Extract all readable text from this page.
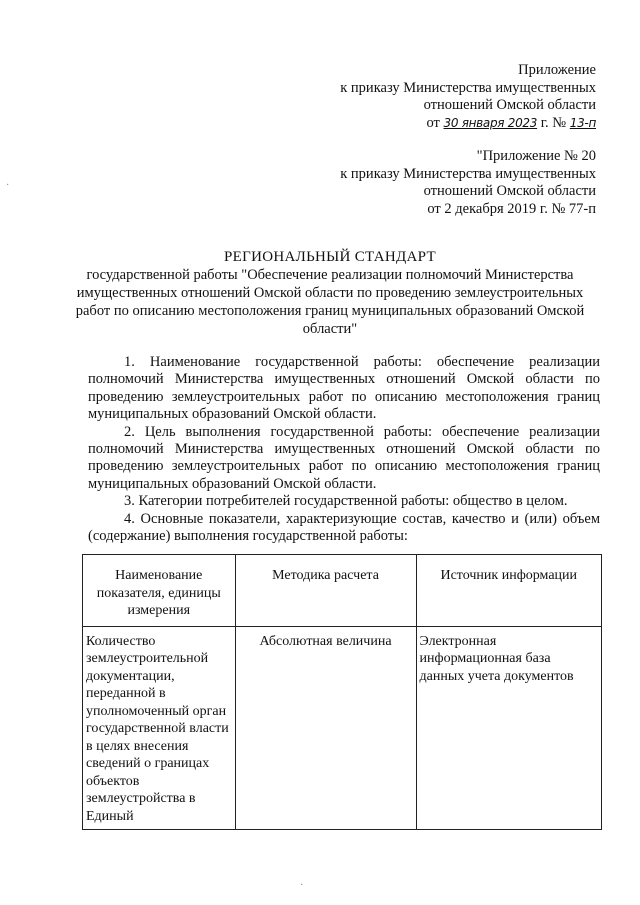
Приложение
к приказу Министерства имущественных
отношений Омской области
от 30 января 2023 г. № 13-п
"Приложение № 20
к приказу Министерства имущественных
отношений Омской области
от 2 декабря 2019 г. № 77-п
РЕГИОНАЛЬНЫЙ СТАНДАРТ
государственной работы "Обеспечение реализации полномочий Министерства имущественных отношений Омской области по проведению землеустроительных работ по описанию местоположения границ муниципальных образований Омской области"

1. Наименование государственной работы: обеспечение реализации полномочий Министерства имущественных отношений Омской области по проведению землеустроительных работ по описанию местоположения границ муниципальных образований Омской области.

2. Цель выполнения государственной работы: обеспечение реализации полномочий Министерства имущественных отношений Омской области по проведению землеустроительных работ по описанию местоположения границ муниципальных образований Омской области.

3. Категории потребителей государственной работы: общество в целом.

4. Основные показатели, характеризующие состав, качество и (или) объем (содержание) выполнения государственной работы:

Наименование показателя, единицы измерения	Методика расчета	Источник информации
Количество землеустроительной документации, переданной в уполномоченный орган государственной власти в целях внесения сведений о границах объектов землеустройства в Единый	Абсолютная величина	Электронная информационная база данных учета документов
·
·
